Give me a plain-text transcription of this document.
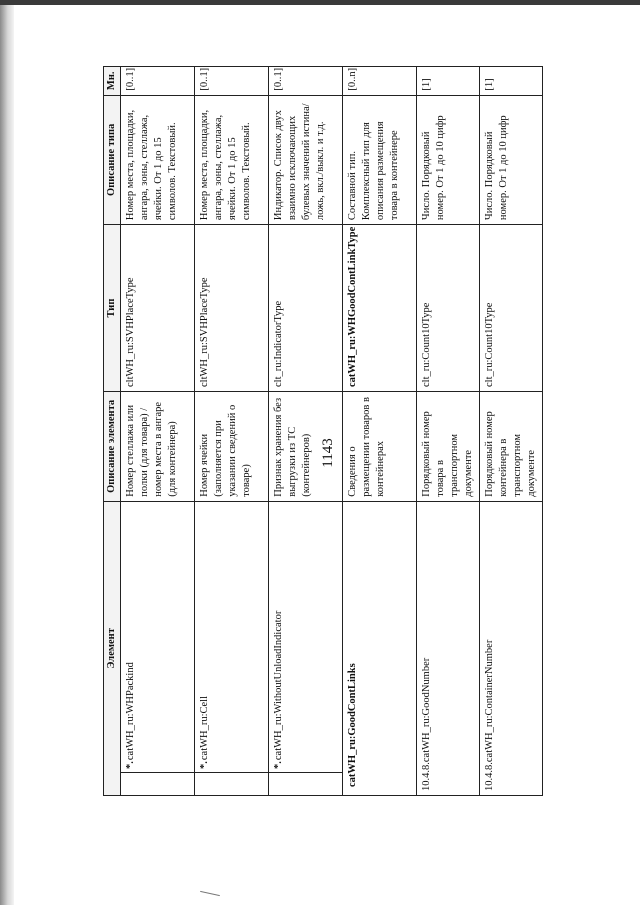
1143
Элемент	Описание элемента	Тип	Описание типа	Мн.

*.catWH_ru:WHPackind	Номер стеллажа или полки (для товара) / номер места в ангаре (для контейнера)	cltWH_ru:SVHPlaceType	Номер места, площадки, ангара, зоны, стеллажа, ячейки. От 1 до 15 символов. Текстовый.	[0..1]

*.catWH_ru:Cell	Номер ячейки (заполняется при указании сведений о товаре)	cltWH_ru:SVHPlaceType	Номер места, площадки, ангара, зоны, стеллажа, ячейки. От 1 до 15 символов. Текстовый.	[0..1]

*.catWH_ru:WithoutUnloadIndicator	Признак хранения без выгрузки из ТС (контейнеров)	clt_ru:IndicatorType	Индикатор. Список двух взаимно исключающих булевых значений истина/ложь, вкл./выкл. и т.д.	[0..1]
catWH_ru:GoodContLinks	Сведения о размещении товаров в контейнерах	catWH_ru:WHGoodContLinkType	Составной тип. Комплексный тип для описания размещения товара в контейнере	[0..n]
10.4.8.catWH_ru:GoodNumber	Порядковый номер товара в транспортном документе	clt_ru:Count10Type	Число. Порядковый номер. От 1 до 10 цифр	[1]
10.4.8.catWH_ru:ContainerNumber	Порядковый номер контейнера в транспортном документе	clt_ru:Count10Type	Число. Порядковый номер. От 1 до 10 цифр	[1]
